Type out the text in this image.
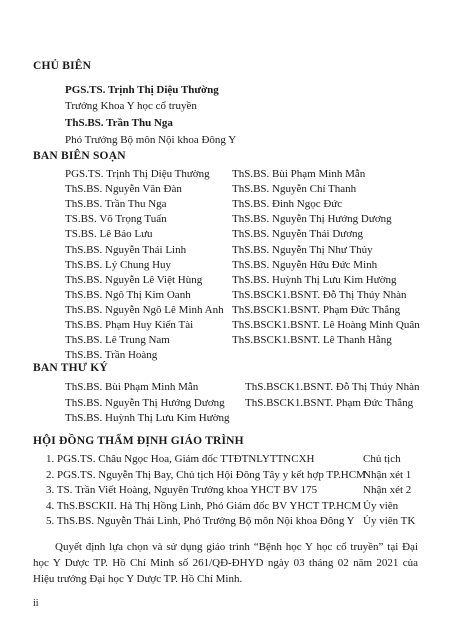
CHỦ BIÊN
PGS.TS. Trịnh Thị Diệu Thường
Trưởng Khoa Y học cổ truyền
ThS.BS. Trần Thu Nga
Phó Trưởng Bộ môn Nội khoa Đông Y
BAN BIÊN SOẠN
PGS.TS. Trịnh Thị Diệu Thường
ThS.BS. Nguyễn Văn Đàn
ThS.BS. Trần Thu Nga
TS.BS. Võ Trọng Tuấn
TS.BS. Lê Bảo Lưu
ThS.BS. Nguyễn Thái Linh
ThS.BS. Lý Chung Huy
ThS.BS. Nguyễn Lê Việt Hùng
ThS.BS. Ngô Thị Kim Oanh
ThS.BS. Nguyễn Ngô Lê Minh Anh
ThS.BS. Phạm Huy Kiến Tài
ThS.BS. Lê Trung Nam
ThS.BS. Trần Hoàng
ThS.BS. Bùi Phạm Minh Mẫn
ThS.BS. Nguyễn Chí Thanh
ThS.BS. Đinh Ngọc Đức
ThS.BS. Nguyễn Thị Hướng Dương
ThS.BS. Nguyễn Thái Dương
ThS.BS. Nguyễn Thị Như Thủy
ThS.BS. Nguyễn Hữu Đức Minh
ThS.BS. Huỳnh Thị Lưu Kim Hường
ThS.BSCK1.BSNT. Đỗ Thị Thúy Nhàn
ThS.BSCK1.BSNT. Phạm Đức Thắng
ThS.BSCK1.BSNT. Lê Hoàng Minh Quân
ThS.BSCK1.BSNT. Lê Thanh Hằng
BAN THƯ KÝ
ThS.BS. Bùi Phạm Minh Mẫn
ThS.BS. Nguyễn Thị Hướng Dương
ThS.BS. Huỳnh Thị Lưu Kim Hường
ThS.BSCK1.BSNT. Đỗ Thị Thúy Nhàn
ThS.BSCK1.BSNT. Phạm Đức Thắng
HỘI ĐỒNG THẨM ĐỊNH GIÁO TRÌNH
1. PGS.TS. Châu Ngọc Hoa, Giám đốc TTĐTNLYTTNCXH	Chủ tịch
2. PGS.TS. Nguyễn Thị Bay, Chủ tịch Hội Đông Tây y kết hợp TP.HCM
Nhận xét 1
3. TS. Trần Viết Hoàng, Nguyên Trưởng khoa YHCT BV 175	Nhận xét 2
4. ThS.BSCKII. Hà Thị Hồng Linh, Phó Giám đốc BV YHCT TP.HCM Ủy viên
5. ThS.BS. Nguyễn Thái Linh, Phó Trưởng Bộ môn Nội khoa Đông Y Ủy viên TK
Quyết định lựa chọn và sử dụng giáo trình “Bệnh học Y học cổ truyền” tại Đại học Y Dược TP. Hồ Chí Minh số 261/QĐ-ĐHYD ngày 03 tháng 02 năm 2021 của Hiệu trưởng Đại học Y Dược TP. Hồ Chí Minh.
ii
